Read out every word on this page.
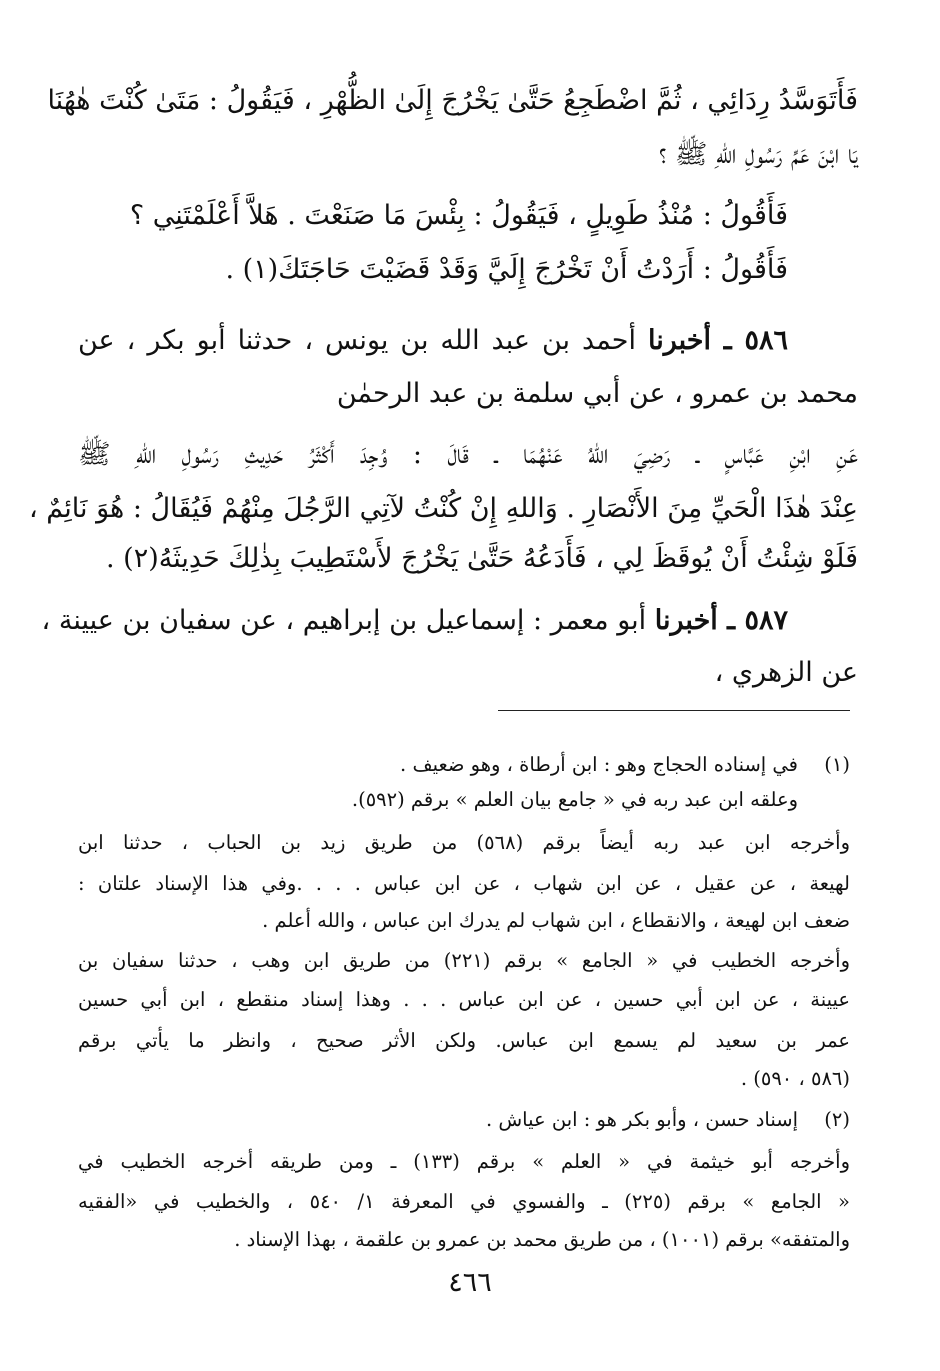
فَأَتَوَسَّدُ رِدَائِي ، ثُمَّ اضْطَجِعُ حَتَّىٰ يَخْرُجَ إِلَىٰ الظُّهْرِ ، فَيَقُولُ : مَتَىٰ كُنْتَ هٰهُنَا
يَا ابْنَ عَمِّ رَسُولِ اللهِ ﷺ ؟
فَأَقُولُ : مُنْذُ طَوِيلٍ ، فَيَقُولُ : بِئْسَ مَا صَنَعْتَ . هَلاَّ أَعْلَمْتَنِي ؟
فَأَقُولُ : أَرَدْتُ أَنْ تَخْرُجَ إِلَيَّ وَقَدْ قَضَيْتَ حَاجَتَكَ(١) .
٥٨٦ ـ أخبرنا أحمد بن عبد الله بن يونس ، حدثنا أبو بكر ، عن
محمد بن عمرو ، عن أبي سلمة بن عبد الرحمٰن
عَنِ ابْنِ عَبَّاسٍ ـ رَضِيَ اللهُ عَنْهُمَا ـ قَالَ : وُجِدَ أَكْثَرُ حَدِيثِ رَسُولِ اللهِ ﷺ
عِنْدَ هٰذَا الْحَيِّ مِنَ الأَنْصَارِ . وَاللهِ إِنْ كُنْتُ لآتِي الرَّجُلَ مِنْهُمْ فَيُقَالُ : هُوَ نَائِمٌ ،
فَلَوْ شِئْتُ أَنْ يُوقَظَ لِي ، فَأَدَعُهُ حَتَّىٰ يَخْرُجَ لأَسْتَطِيبَ بِذٰلِكَ حَدِيثَهُ(٢) .
٥٨٧ ـ أخبرنا أبو معمر : إسماعيل بن إبراهيم ، عن سفيان بن عيينة ،
عن الزهري ،
(١)
في إسناده الحجاج وهو : ابن أرطاة ، وهو ضعيف .
وعلقه ابن عبد ربه في « جامع بيان العلم » برقم (٥٩٢).
وأخرجه ابن عبد ربه أيضاً برقم (٥٦٨) من طريق زيد بن الحباب ، حدثنا ابن
لهيعة ، عن عقيل ، عن ابن شهاب ، عن ابن عباس . . . .وفي هذا الإسناد علتان :
ضعف ابن لهيعة ، والانقطاع ، ابن شهاب لم يدرك ابن عباس ، والله أعلم .
وأخرجه الخطيب في « الجامع » برقم (٢٢١) من طريق ابن وهب ، حدثنا سفيان بن
عيينة ، عن ابن أبي حسين ، عن ابن عباس . . . وهذا إسناد منقطع ، ابن أبي حسين
عمر بن سعيد لم يسمع ابن عباس. ولكن الأثر صحيح ، وانظر ما يأتي برقم
(٥٨٦ ، ٥٩٠) .
(٢)
إسناد حسن ، وأبو بكر هو : ابن عياش .
وأخرجه أبو خيثمة في « العلم » برقم (١٣٣) ـ ومن طريقه أخرجه الخطيب في
« الجامع » برقم (٢٢٥) ـ والفسوي في المعرفة ١/ ٥٤٠ ، والخطيب في «الفقيه
والمتفقه» برقم (١٠٠١) ، من طريق محمد بن عمرو بن علقمة ، بهذا الإسناد .
٤٦٦
